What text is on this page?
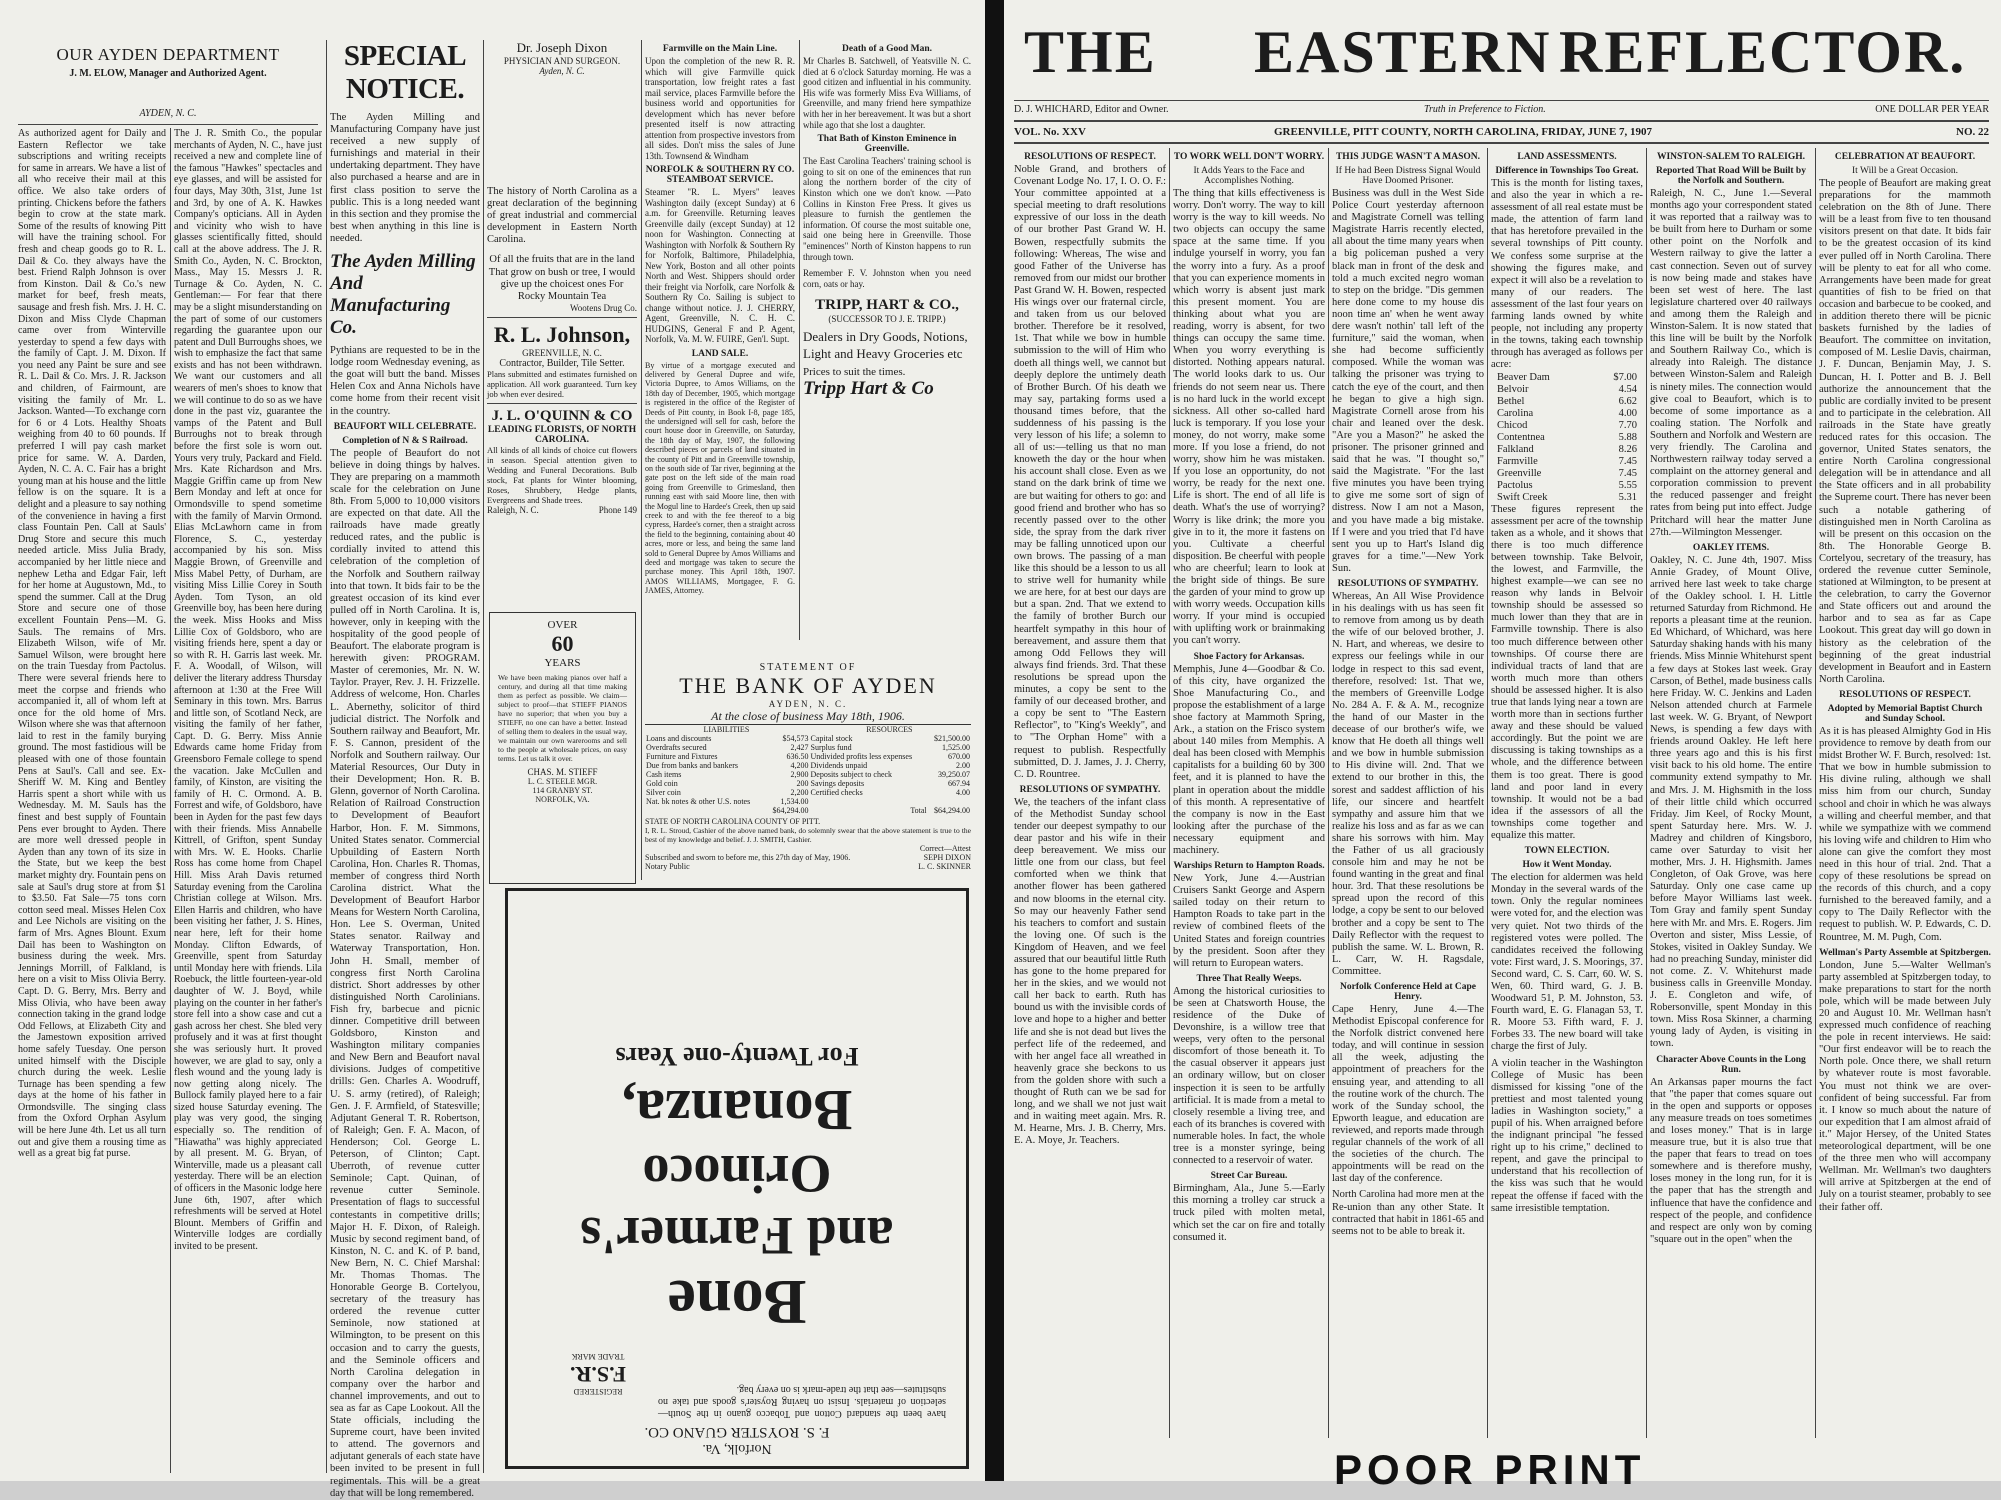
OUR AYDEN DEPARTMENT
J. M. ELOW, Manager and Authorized Agent.
AYDEN, N. C.

As authorized agent for Daily and Eastern Reflector we take subscriptions and writing receipts for same in arrears. We have a list of all who receive their mail at this office. We also take orders of printing. Chickens before the fathers begin to crow at the state mark. Some of the results of knowing Pitt will have the training school. For fresh and cheap goods go to R. L. Dail & Co. they always have the best. Friend Ralph Johnson is over from Kinston. Dail & Co.'s new market for beef, fresh meats, sausage and fresh fish. Mrs. J. H. C. Dixon and Miss Clyde Chapman came over from Winterville yesterday to spend a few days with the family of Capt. J. M. Dixon. If you need any Paint be sure and see R. L. Dail & Co. Mrs. J. R. Jackson and children, of Fairmount, are visiting the family of Mr. L. Jackson. Wanted—To exchange corn for 6 or 4 Lots. Healthy Shoats weighing from 40 to 60 pounds. If preferred I will pay cash market price for same. W. A. Darden, Ayden, N. C. A. C. Fair has a bright young man at his house and the little fellow is on the square. It is a delight and a pleasure to say nothing of the convenience in having a first class Fountain Pen. Call at Sauls' Drug Store and secure this much needed article. Miss Julia Brady, accompanied by her little niece and nephew Letha and Edgar Fair, left for her home at Augustown, Md., to spend the summer. Call at the Drug Store and secure one of those excellent Fountain Pens—M. G. Sauls. The remains of Mrs. Elizabeth Wilson, wife of Mr. Samuel Wilson, were brought here on the train Tuesday from Pactolus. There were several friends here to meet the corpse and friends who accompanied it, all of whom left at once for the old home of Mrs. Wilson where she was that afternoon laid to rest in the family burying ground. The most fastidious will be pleased with one of those fountain Pens at Saul's. Call and see. Ex-Sheriff W. M. King and Bentley Harris spent a short while with us Wednesday. M. M. Sauls has the finest and best supply of Fountain Pens ever brought to Ayden. There are more well dressed people in Ayden than any town of its size in the State, but we keep the best market mighty dry. Fountain pens on sale at Saul's drug store at from $1 to $3.50. Fat Sale—75 tons corn cotton seed meal. Misses Helen Cox and Lee Nichols are visiting on the farm of Mrs. Agnes Blount. Exum Dail has been to Washington on business during the week. Mrs. Jennings Morrill, of Falkland, is here on a visit to Miss Olivia Berry. Capt. D. G. Berry, Mrs. Berry and Miss Olivia, who have been away connection taking in the grand lodge Odd Fellows, at Elizabeth City and the Jamestown exposition arrived home safely Tuesday. One person united himself with the Disciple church during the week. Leslie Turnage has been spending a few days at the home of his father in Ormondsville. The singing class from the Oxford Orphan Asylum will be here June 4th. Let us all turn out and give them a rousing time as well as a great big fat purse.

The J. R. Smith Co., the popular merchants of Ayden, N. C., have just received a new and complete line of the famous "Hawkes" spectacles and eye glasses, and will be assisted for four days, May 30th, 31st, June 1st and 3rd, by one of A. K. Hawkes Company's opticians. All in Ayden and vicinity who wish to have glasses scientifically fitted, should call at the above address. The J. R. Smith Co., Ayden, N. C. Brockton, Mass., May 15. Messrs J. R. Turnage & Co. Ayden, N. C. Gentleman:— For fear that there may be a slight misunderstanding on the part of some of our customers regarding the guarantee upon our patent and Dull Burroughs shoes, we wish to emphasize the fact that same exists and has not been withdrawn. We want our customers and all wearers of men's shoes to know that we will continue to do so as we have done in the past viz, guarantee the vamps of the Patent and Bull Burroughs not to break through before the first sole is worn out. Yours very truly, Packard and Field. Mrs. Kate Richardson and Mrs. Maggie Griffin came up from New Bern Monday and left at once for Ormondsville to spend sometime with the family of Marvin Ormond. Elias McLawhorn came in from Florence, S. C., yesterday accompanied by his son. Miss Maggie Brown, of Greenville and Miss Mabel Petty, of Durham, are visiting Miss Lillie Corey in South Ayden. Tom Tyson, an old Greenville boy, has been here during the week. Miss Hooks and Miss Lillie Cox of Goldsboro, who are visiting friends here, spent a day or so with R. H. Garris last week. Mr. F. A. Woodall, of Wilson, will deliver the literary address Thursday afternoon at 1:30 at the Free Will Seminary in this town. Mrs. Barrus and little son, of Scotland Neck, are visiting the family of her father, Capt. D. G. Berry. Miss Annie Edwards came home Friday from Greensboro Female college to spend the vacation. Jake McCullen and family, of Kinston, are visiting the family of H. C. Ormond. A. B. Forrest and wife, of Goldsboro, have been in Ayden for the past few days with their friends. Miss Annabelle Kittrell, of Grifton, spent Sunday with Mrs. W. E. Hooks. Charlie Ross has come home from Chapel Hill. Miss Arah Davis returned Saturday evening from the Carolina Christian college at Wilson. Mrs. Ellen Harris and children, who have been visiting her father, J. S. Hines, near here, left for their home Monday. Clifton Edwards, of Greenville, spent from Saturday until Monday here with friends. Lila Roebuck, the little fourteen-year-old daughter of W. J. Boyd, while playing on the counter in her father's store fell into a show case and cut a gash across her chest. She bled very profusely and it was at first thought she was seriously hurt. It proved however, we are glad to say, only a flesh wound and the young lady is now getting along nicely. The Bullock family played here to a fair sized house Saturday evening. The play was very good, the singing especially so. The rendition of "Hiawatha" was highly appreciated by all present. M. G. Bryan, of Winterville, made us a pleasant call yesterday. There will be an election of officers in the Masonic lodge here June 6th, 1907, after which refreshments will be served at Hotel Blount. Members of Griffin and Winterville lodges are cordially invited to be present.

SPECIAL NOTICE.

The Ayden Milling and Manufacturing Company have just received a new supply of furnishings and material in their undertaking department. They have also purchased a hearse and are in first class position to serve the public. This is a long needed want in this section and they promise the best when anything in this line is needed.

The Ayden Milling And Manufacturing Co.

Pythians are requested to be in the lodge room Wednesday evening, as the goat will butt the band. Misses Helen Cox and Anna Nichols have come home from their recent visit in the country.

BEAUFORT WILL CELEBRATE.
Completion of N & S Railroad.

The people of Beaufort do not believe in doing things by halves. They are preparing on a mammoth scale for the celebration on June 8th. From 5,000 to 10,000 visitors are expected on that date. All the railroads have made greatly reduced rates, and the public is cordially invited to attend this celebration of the completion of the Norfolk and Southern railway into that town. It bids fair to be the greatest occasion of its kind ever pulled off in North Carolina. It is, however, only in keeping with the hospitality of the good people of Beaufort. The elaborate program is herewith given: PROGRAM. Master of ceremonies, Mr. N. W. Taylor. Prayer, Rev. J. H. Frizzelle. Address of welcome, Hon. Charles L. Abernethy, solicitor of third judicial district. The Norfolk and Southern railway and Beaufort, Mr. F. S. Cannon, president of the Norfolk and Southern railway. Our Material Resources, Our Duty in their Development; Hon. R. B. Glenn, governor of North Carolina. Relation of Railroad Construction to Development of Beaufort Harbor, Hon. F. M. Simmons, United States senator. Commercial Upbuilding of Eastern North Carolina, Hon. Charles R. Thomas, member of congress third North Carolina district. What the Development of Beaufort Harbor Means for Western North Carolina, Hon. Lee S. Overman, United States senator. Railway and Waterway Transportation, Hon. John H. Small, member of congress first North Carolina district. Short addresses by other distinguished North Carolinians. Fish fry, barbecue and picnic dinner. Competitive drill between Goldsboro, Kinston and Washington military companies and New Bern and Beaufort naval divisions. Judges of competitive drills: Gen. Charles A. Woodruff, U. S. army (retired), of Raleigh; Gen. J. F. Armfield, of Statesville; Adjutant General T. R. Robertson, of Raleigh; Gen. F. A. Macon, of Henderson; Col. George L. Peterson, of Clinton; Capt. Uberroth, of revenue cutter Seminole; Capt. Quinan, of revenue cutter Seminole. Presentation of flags to successful contestants in competitive drills; Major H. F. Dixon, of Raleigh. Music by second regiment band, of Kinston, N. C. and K. of P. band, New Bern, N. C. Chief Marshal: Mr. Thomas Thomas. The Honorable George B. Cortelyou, secretary of the treasury has ordered the revenue cutter Seminole, now stationed at Wilmington, to be present on this occasion and to carry the guests, and the Seminole officers and North Carolina delegation in company over the harbor and channel improvements, and out to sea as far as Cape Lookout. All the State officials, including the Supreme court, have been invited to attend. The governors and adjutant generals of each state have been invited to be present in full regimentals. This will be a great day that will be long remembered.

Dr. Joseph Dixon
PHYSICIAN AND SURGEON.
Ayden, N. C.

The history of North Carolina as a great declaration of the beginning of great industrial and commercial development in Eastern North Carolina.

Of all the fruits that are in the land That grow on bush or tree, I would give up the choicest ones For Rocky Mountain Tea

Wootens Drug Co.
R. L. Johnson,
GREENVILLE, N. C.
Contractor, Builder, Tile Setter.

Plans submitted and estimates furnished on application. All work guaranteed. Turn key job when ever desired.

J. L. O'QUINN & CO
LEADING FLORISTS, OF NORTH CAROLINA.

All kinds of all kinds of choice cut flowers in season. Special attention given to Wedding and Funeral Decorations. Bulb stock, Fat plants for Winter blooming, Roses, Shrubbery, Hedge plants, Evergreens and Shade trees.

Raleigh, N. C.	Phone 149
OVER
60
YEARS

We have been making pianos over half a century, and during all that time making them as perfect as possible. We claim—subject to proof—that STIEFF PIANOS have no superior; that when you buy a STIEFF, no one can have a better. Instead of selling them to dealers in the usual way, we maintain our own warerooms and sell to the people at wholesale prices, on easy terms. Let us talk it over.

CHAS. M. STIEFF
L. C. STEELE MGR.
114 GRANBY ST.
NORFOLK, VA.
Farmville on the Main Line.

Upon the completion of the new R. R. which will give Farmville quick transportation, low freight rates a fast mail service, places Farmville before the business world and opportunities for development which has never before presented itself is now attracting attention from prospective investors from all sides. Don't miss the sales of June 13th. Townsend & Windham

NORFOLK & SOUTHERN RY CO. STEAMBOAT SERVICE.

Steamer "R. L. Myers" leaves Washington daily (except Sunday) at 6 a.m. for Greenville. Returning leaves Greenville daily (except Sunday) at 12 noon for Washington. Connecting at Washington with Norfolk & Southern Ry for Norfolk, Baltimore, Philadelphia, New York, Boston and all other points North and West. Shippers should order their freight via Norfolk, care Norfolk & Southern Ry Co. Sailing is subject to change without notice. J. J. CHERRY, Agent, Greenville, N. C. H. C. HUDGINS, General F and P. Agent, Norfolk, Va. M. W. FUIRE, Gen'l. Supt.

LAND SALE.

By virtue of a mortgage executed and delivered by General Dupree and wife, Victoria Dupree, to Amos Williams, on the 18th day of December, 1905, which mortgage is registered in the office of the Register of Deeds of Pitt county, in Book I-8, page 185, the undersigned will sell for cash, before the court house door in Greenville, on Saturday, the 18th day of May, 1907, the following described pieces or parcels of land situated in the county of Pitt and in Greenville township, on the south side of Tar river, beginning at the gate post on the left side of the main road going from Greenville to Grimesland, then running east with said Moore line, then with the Mogul line to Hardee's Creek, then up said creek to and with the fee thereof to a big cypress, Hardee's corner, then a straight across the field to the beginning, containing about 40 acres, more or less, and being the same land sold to General Dupree by Amos Williams and deed and mortgage was taken to secure the purchase money. This April 18th, 1907. AMOS WILLIAMS, Mortgagee, F. G. JAMES, Attorney.

Death of a Good Man.

Mr Charles B. Satchwell, of Yeatsville N. C. died at 6 o'clock Saturday morning. He was a good citizen and influential in his community. His wife was formerly Miss Eva Williams, of Greenville, and many friend here sympathize with her in her bereavement. It was but a short while ago that she lost a daughter.

That Bath of Kinston Eminence in Greenville.

The East Carolina Teachers' training school is going to sit on one of the eminences that run along the northern border of the city of Kinston which one we don't know. —Pato Collins in Kinston Free Press. It gives us pleasure to furnish the gentlemen the information. Of course the most suitable one, said one being here in Greenville. Those "eminences" North of Kinston happens to run through town.

Remember F. V. Johnston when you need corn, oats or hay.

TRIPP, HART & CO.,
(SUCCESSOR TO J. E. TRIPP.)
Dealers in Dry Goods, Notions, Light and Heavy Groceries etc
Prices to suit the times.
Tripp Hart & Co
STATEMENT OF
THE BANK OF AYDEN
AYDEN, N. C.
At the close of business May 18th, 1906.
LIABILITIES	RESOURCES
Loans and discounts	$54,573	Capital stock	$21,500.00
Overdrafts secured	2,427	Surplus fund	1,525.00
Furniture and Fixtures	636.50	Undivided profits less expenses	670.00
Due from banks and bankers	4,200	Dividends unpaid	2.00
Cash items	2,900	Deposits subject to check	39,250.07
Gold coin	200	Savings deposits	667.94
Silver coin	2,200	Certified checks	4.00
Nat. bk notes & other U.S. notes	1,534.00		
	$64,294.00	Total	$64,294.00
STATE OF NORTH CAROLINA COUNTY OF PITT.

I, R. L. Stroud, Cashier of the above named bank, do solemnly swear that the above statement is true to the best of my knowledge and belief. J. J. SMITH, Cashier.

Correct—Attest
Subscribed and sworn to before me, this 27th day of May, 1906.	SEPH DIXON
Notary Public	L. C. SKINNER
Norfolk, Va.
F. S. ROYSTER GUANO CO.

have been the standard Cotton and Tobacco guano in the South—selection of materials. Insist on having Royster's goods and take no substitutes—see that the trade-mark is on every bag.

REGISTERED
F.S.R.
TRADE MARK
Bone
and Farmer's
Orinoco
Bonanza,
For Twenty-one Years
THE EASTERN REFLECTOR.
D. J. WHICHARD, Editor and Owner.	Truth in Preference to Fiction.	ONE DOLLAR PER YEAR
VOL. No. XXV	GREENVILLE, PITT COUNTY, NORTH CAROLINA, FRIDAY, JUNE 7, 1907	NO. 22
RESOLUTIONS OF RESPECT.

Noble Grand, and brothers of Covenant Lodge No. 17, I. O. O. F.: Your committee appointed at a special meeting to draft resolutions expressive of our loss in the death of our brother Past Grand W. H. Bowen, respectfully submits the following: Whereas, The wise and good Father of the Universe has removed from our midst our brother Past Grand W. H. Bowen, respected His wings over our fraternal circle, and taken from us our beloved brother. Therefore be it resolved, 1st. That while we bow in humble submission to the will of Him who doeth all things well, we cannot but deeply deplore the untimely death of Brother Burch. Of his death we may say, partaking forms used a thousand times before, that the suddenness of his passing is the very lesson of his life; a solemn to all of us:—telling us that no man knoweth the day or the hour when his account shall close. Even as we stand on the dark brink of time we are but waiting for others to go: and good friend and brother who has so recently passed over to the other side, the spray from the dark river may be falling unnoticed upon our own brows. The passing of a man like this should be a lesson to us all to strive well for humanity while we are here, for at best our days are but a span. 2nd. That we extend to the family of brother Burch our heartfelt sympathy in this hour of bereavement, and assure them that among Odd Fellows they will always find friends. 3rd. That these resolutions be spread upon the minutes, a copy be sent to the family of our deceased brother, and a copy be sent to "The Eastern Reflector", to "King's Weekly", and to "The Orphan Home" with a request to publish. Respectfully submitted, D. J. James, J. J. Cherry, C. D. Rountree.

RESOLUTIONS OF SYMPATHY.

We, the teachers of the infant class of the Methodist Sunday school tender our deepest sympathy to our dear pastor and his wife in their deep bereavement. We miss our little one from our class, but feel comforted when we think that another flower has been gathered and now blooms in the eternal city. So may our heavenly Father send his teachers to comfort and sustain the loving one. Of such is the Kingdom of Heaven, and we feel assured that our beautiful little Ruth has gone to the home prepared for her in the skies, and we would not call her back to earth. Ruth has bound us with the invisible cords of love and hope to a higher and better life and she is not dead but lives the perfect life of the redeemed, and with her angel face all wreathed in heavenly grace she beckons to us from the golden shore with such a thought of Ruth can we be sad for long, and we shall we not just wait and in waiting meet again. Mrs. R. M. Hearne, Mrs. J. B. Cherry, Mrs. E. A. Moye, Jr. Teachers.

TO WORK WELL DON'T WORRY.
It Adds Years to the Face and Accomplishes Nothing.

The thing that kills effectiveness is worry. Don't worry. The way to kill worry is the way to kill weeds. No two objects can occupy the same space at the same time. If you indulge yourself in worry, you fan the worry into a fury. As a proof that you can experience moments in which worry is absent just mark this present moment. You are thinking about what you are reading, worry is absent, for two things can occupy the same time. When you worry everything is distorted. Nothing appears natural. The world looks dark to us. Our friends do not seem near us. There is no hard luck in the world except sickness. All other so-called hard luck is temporary. If you lose your money, do not worry, make some more. If you lose a friend, do not worry, show him he was mistaken. If you lose an opportunity, do not worry, be ready for the next one. Life is short. The end of all life is death. What's the use of worrying? Worry is like drink; the more you give in to it, the more it fastens on you. Cultivate a cheerful disposition. Be cheerful with people who are cheerful; learn to look at the bright side of things. Be sure the garden of your mind to grow up with worry weeds. Occupation kills worry. If your mind is occupied with uplifting work or brainmaking you can't worry.

Shoe Factory for Arkansas.

Memphis, June 4—Goodbar & Co. of this city, have organized the Shoe Manufacturing Co., and propose the establishment of a large shoe factory at Mammoth Spring, Ark., a station on the Frisco system about 140 miles from Memphis. A deal has been closed with Memphis capitalists for a building 60 by 300 feet, and it is planned to have the plant in operation about the middle of this month. A representative of the company is now in the East looking after the purchase of the necessary equipment and machinery.

Warships Return to Hampton Roads.

New York, June 4.—Austrian Cruisers Sankt George and Aspern sailed today on their return to Hampton Roads to take part in the review of combined fleets of the United States and foreign countries by the president. Soon after they will return to European waters.

Three That Really Weeps.

Among the historical curiosities to be seen at Chatsworth House, the residence of the Duke of Devonshire, is a willow tree that weeps, very often to the personal discomfort of those beneath it. To the casual observer it appears just an ordinary willow, but on closer inspection it is seen to be artfully artificial. It is made from a metal to closely resemble a living tree, and each of its branches is covered with numerable holes. In fact, the whole tree is a monster syringe, being connected to a reservoir of water.

Street Car Bureau.

Birmingham, Ala., June 5.—Early this morning a trolley car struck a truck piled with molten metal, which set the car on fire and totally consumed it.

THIS JUDGE WASN'T A MASON.
If He had Been Distress Signal Would Have Doomed Prisoner.

Business was dull in the West Side Police Court yesterday afternoon and Magistrate Cornell was telling Magistrate Harris recently elected, all about the time many years when a big policeman pushed a very black man in front of the desk and told a much excited negro woman to step on the bridge. "Dis gemmen here done come to my house dis noon time an' when he went away dere wasn't nothin' tall left of the furniture," said the woman, when she had become sufficiently composed. While the woman was talking the prisoner was trying to catch the eye of the court, and then he began to give a high sign. Magistrate Cornell arose from his chair and leaned over the desk. "Are you a Mason?" he asked the prisoner. The prisoner grinned and said that he was. "I thought so," said the Magistrate. "For the last five minutes you have been trying to give me some sort of sign of distress. Now I am not a Mason, and you have made a big mistake. If I were and you tried that I'd have sent you up to Hart's Island dig graves for a time."—New York Sun.

RESOLUTIONS OF SYMPATHY.

Whereas, An All Wise Providence in his dealings with us has seen fit to remove from among us by death the wife of our beloved brother, J. N. Hart, and whereas, we desire to express our feelings while in our lodge in respect to this sad event, therefore, resolved: 1st. That we, the members of Greenville Lodge No. 284 A. F. & A. M., recognize the hand of our Master in the decease of our brother's wife, we know that He doeth all things well and we bow in humble submission to His divine will. 2nd. That we extend to our brother in this, the sorest and saddest affliction of his life, our sincere and heartfelt sympathy and assure him that we realize his loss and as far as we can share his sorrows with him. May the Father of us all graciously console him and may he not be found wanting in the great and final hour. 3rd. That these resolutions be spread upon the record of this lodge, a copy be sent to our beloved brother and a copy be sent to The Daily Reflector with the request to publish the same. W. L. Brown, R. L. Carr, W. H. Ragsdale, Committee.

Norfolk Conference Held at Cape Henry.

Cape Henry, June 4.—The Methodist Episcopal conference for the Norfolk district convened here today, and will continue in session all the week, adjusting the appointment of preachers for the ensuing year, and attending to all the routine work of the church. The work of the Sunday school, the Epworth league, and education are reviewed, and reports made through regular channels of the work of all the societies of the church. The appointments will be read on the last day of the conference.

North Carolina had more men at the Re-union than any other State. It contracted that habit in 1861-65 and seems not to be able to break it.

LAND ASSESSMENTS.
Difference in Townships Too Great.

This is the month for listing taxes, and also the year in which a re-assessment of all real estate must be made, the attention of farm land that has heretofore prevailed in the several townships of Pitt county. We confess some surprise at the showing the figures make, and expect it will also be a revelation to many of our readers. The assessment of the last four years on farming lands owned by white people, not including any property in the towns, taking each township through has averaged as follows per acre:

Beaver Dam	$7.00
Belvoir	4.54
Bethel	6.62
Carolina	4.00
Chicod	7.70
Contentnea	5.88
Falkland	8.26
Farmville	7.45
Greenville	7.45
Pactolus	5.55
Swift Creek	5.31

These figures represent the assessment per acre of the township taken as a whole, and it shows that there is too much difference between township. Take Belvoir, the lowest, and Farmville, the highest example—we can see no reason why lands in Belvoir township should be assessed so much lower than they that are in Farmville township. There is also too much difference between other townships. Of course there are individual tracts of land that are worth much more than others should be assessed higher. It is also true that lands lying near a town are worth more than in sections further away and these should be valued accordingly. But the point we are discussing is taking townships as a whole, and the difference between them is too great. There is good land and poor land in every township. It would not be a bad idea if the assessors of all the townships come together and equalize this matter.

TOWN ELECTION.
How it Went Monday.

The election for aldermen was held Monday in the several wards of the town. Only the regular nominees were voted for, and the election was very quiet. Not two thirds of the registered votes were polled. The candidates received the following vote: First ward, J. S. Moorings, 37. Second ward, C. S. Carr, 60. W. S. Wen, 60. Third ward, G. J. B. Woodward 51, P. M. Johnston, 53. Fourth ward, E. G. Flanagan 53, T. R. Moore 53. Fifth ward, F. J. Forbes 33. The new board will take charge the first of July.

A violin teacher in the Washington College of Music has been dismissed for kissing "one of the prettiest and most talented young ladies in Washington society," a pupil of his. When arraigned before the indignant principal "he fessed right up to his crime," declined to repent, and gave the principal to understand that his recollection of the kiss was such that he would repeat the offense if faced with the same irresistible temptation.

WINSTON-SALEM TO RALEIGH.
Reported That Road Will be Built by the Norfolk and Southern.

Raleigh, N. C., June 1.—Several months ago your correspondent stated it was reported that a railway was to be built from here to Durham or some other point on the Norfolk and Western railway to give the latter a cast connection. Seven out of survey is now being made and stakes have been set west of here. The last legislature chartered over 40 railways and among them the Raleigh and Winston-Salem. It is now stated that this line will be built by the Norfolk and Southern Railway Co., which is already into Raleigh. The distance between Winston-Salem and Raleigh is ninety miles. The connection would give coal to Beaufort, which is to become of some importance as a coaling station. The Norfolk and Southern and Norfolk and Western are very friendly. The Carolina and Northwestern railway today served a complaint on the attorney general and corporation commission to prevent the reduced passenger and freight rates from being put into effect. Judge Pritchard will hear the matter June 27th.—Wilmington Messenger.

OAKLEY ITEMS.

Oakley, N. C. June 4th, 1907. Miss Annie Gradey, of Mount Olive, arrived here last week to take charge of the Oakley school. I. H. Little returned Saturday from Richmond. He reports a pleasant time at the reunion. Ed Whichard, of Whichard, was here Saturday shaking hands with his many friends. Miss Minnie Whitehurst spent a few days at Stokes last week. Gray Carson, of Bethel, made business calls here Friday. W. C. Jenkins and Laden Nelson attended church at Farmele last week. W. G. Bryant, of Newport News, is spending a few days with friends around Oakley. He left here three years ago and this is his first visit back to his old home. The entire community extend sympathy to Mr. and Mrs. J. M. Highsmith in the loss of their little child which occurred Friday. Jim Keel, of Rocky Mount, spent Saturday here. Mrs. W. J. Madrey and children of Kingsboro, came over Saturday to visit her mother, Mrs. J. H. Highsmith. James Congleton, of Oak Grove, was here Saturday. Only one case came up before Mayor Williams last week. Tom Gray and family spent Sunday here with Mr. and Mrs. E. Rogers. Jim Overton and sister, Miss Lessie, of Stokes, visited in Oakley Sunday. We had no preaching Sunday, minister did not come. Z. V. Whitehurst made business calls in Greenville Monday. J. E. Congleton and wife, of Robersonville, spent Monday in this town. Miss Rosa Skinner, a charming young lady of Ayden, is visiting in town.

Character Above Counts in the Long Run.

An Arkansas paper mourns the fact that "the paper that comes square out in the open and supports or opposes any measure treads on toes sometimes and loses money." That is in large measure true, but it is also true that the paper that fears to tread on toes somewhere and is therefore mushy, loses money in the long run, for it is the paper that has the strength and influence that have the confidence and respect of the people, and confidence and respect are only won by coming "square out in the open" when the

CELEBRATION AT BEAUFORT.
It Will be a Great Occasion.

The people of Beaufort are making great preparations for the mammoth celebration on the 8th of June. There will be a least from five to ten thousand visitors present on that date. It bids fair to be the greatest occasion of its kind ever pulled off in North Carolina. There will be plenty to eat for all who come. Arrangements have been made for great quantities of fish to be fried on that occasion and barbecue to be cooked, and in addition thereto there will be picnic baskets furnished by the ladies of Beaufort. The committee on invitation, composed of M. Leslie Davis, chairman, J. F. Duncan, Benjamin May, J. S. Duncan, H. I. Potter and B. J. Bell authorize the announcement that the public are cordially invited to be present and to participate in the celebration. All railroads in the State have greatly reduced rates for this occasion. The governor, United States senators, the entire North Carolina congressional delegation will be in attendance and all the State officers and in all probability the Supreme court. There has never been such a notable gathering of distinguished men in North Carolina as will be present on this occasion on the 8th. The Honorable George B. Cortelyou, secretary of the treasury, has ordered the revenue cutter Seminole, stationed at Wilmington, to be present at the celebration, to carry the Governor and State officers out and around the harbor and to sea as far as Cape Lookout. This great day will go down in history as the celebration of the beginning of the great industrial development in Beaufort and in Eastern North Carolina.

RESOLUTIONS OF RESPECT.
Adopted by Memorial Baptist Church and Sunday School.

As it is has pleased Almighty God in His providence to remove by death from our midst Brother W. F. Burch, resolved: 1st. That we bow in humble submission to His divine ruling, although we shall miss him from our church, Sunday school and choir in which he was always a willing and cheerful member, and that while we sympathize with we commend his loving wife and children to Him who alone can give the comfort they most need in this hour of trial. 2nd. That a copy of these resolutions be spread on the records of this church, and a copy furnished to the bereaved family, and a copy to The Daily Reflector with the request to publish. W. P. Edwards, C. D. Rountree, M. M. Pugh, Com.

Wellman's Party Assemble at Spitzbergen.

London, June 5.—Walter Wellman's party assembled at Spitzbergen today, to make preparations to start for the north pole, which will be made between July 20 and August 10. Mr. Wellman hasn't expressed much confidence of reaching the pole in recent interviews. He said: "Our first endeavor will be to reach the North pole. Once there, we shall return by whatever route is most favorable. You must not think we are over-confident of being successful. Far from it. I know so much about the nature of our expedition that I am almost afraid of it." Major Hersey, of the United States meteorological department, will be one of the three men who will accompany Wellman. Mr. Wellman's two daughters will arrive at Spitzbergen at the end of July on a tourist steamer, probably to see their father off.

POOR PRINT
